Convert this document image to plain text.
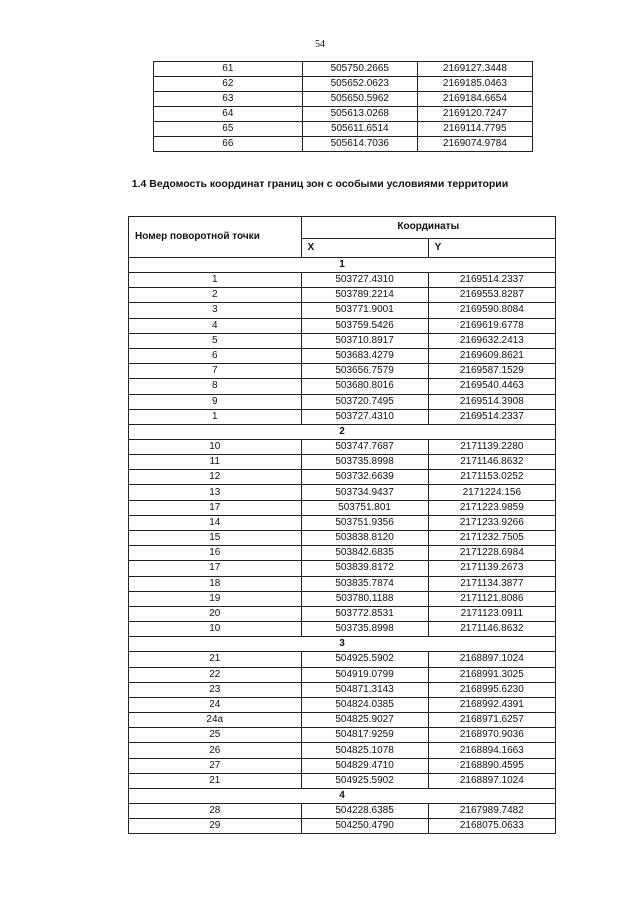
54
61	505750.2665	2169127.3448
62	505652.0623	2169185.0463
63	505650.5962	2169184.6654
64	505613.0268	2169120.7247
65	505611.6514	2169114.7795
66	505614.7036	2169074.9784
1.4 Ведомость координат границ зон с особыми условиями территории
Номер поворотной точки	Координаты	
	X	Y
1		
1	503727.4310	2169514.2337
2	503789.2214	2169553.8287
3	503771.9001	2169590.8084
4	503759.5426	2169619.6778
5	503710.8917	2169632.2413
6	503683.4279	2169609.8621
7	503656.7579	2169587.1529
8	503680.8016	2169540.4463
9	503720.7495	2169514.3908
1	503727.4310	2169514.2337
2		
10	503747.7687	2171139.2280
11	503735.8998	2171146.8632
12	503732.6639	2171153.0252
13	503734.9437	2171224.156
17	503751.801	2171223.9859
14	503751.9356	2171233.9266
15	503838.8120	2171232.7505
16	503842.6835	2171228.6984
17	503839.8172	2171139.2673
18	503835.7874	2171134.3877
19	503780.1188	2171121.8086
20	503772.8531	2171123.0911
10	503735.8998	2171146.8632
3		
21	504925.5902	2168897.1024
22	504919.0799	2168991.3025
23	504871.3143	2168995.6230
24	504824.0385	2168992.4391
24а	504825.9027	2168971.6257
25	504817.9259	2168970.9036
26	504825.1078	2168894.1663
27	504829.4710	2168890.4595
21	504925.5902	2168897.1024
4		
28	504228.6385	2167989.7482
29	504250.4790	2168075.0633
